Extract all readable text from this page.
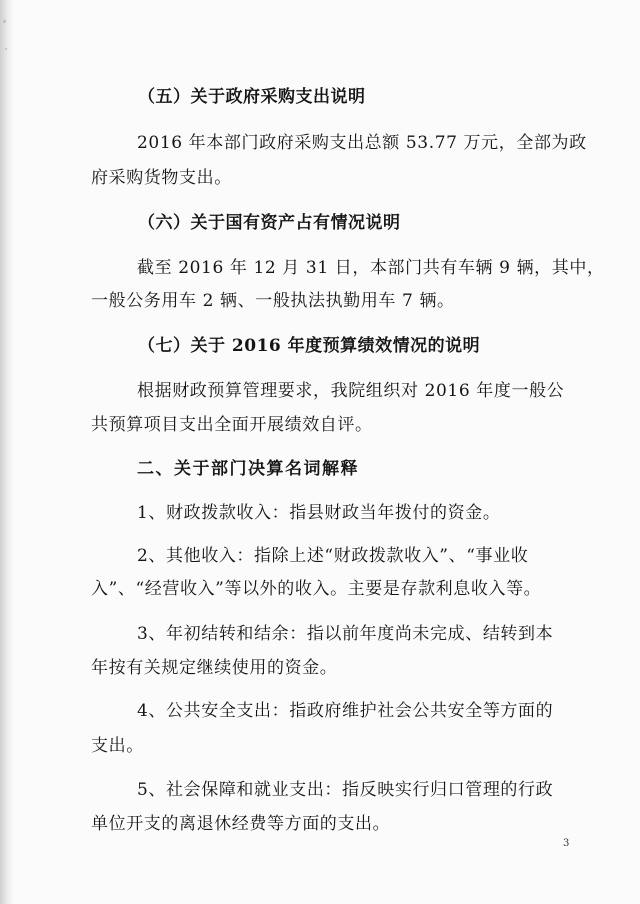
（五）关于政府采购支出说明
2016 年本部门政府采购支出总额 53.77 万元，全部为政
府采购货物支出。
（六）关于国有资产占有情况说明
截至 2016 年 12 月 31 日，本部门共有车辆 9 辆，其中，
一般公务用车 2 辆、一般执法执勤用车 7 辆。
（七）关于 2016 年度预算绩效情况的说明
根据财政预算管理要求，我院组织对 2016 年度一般公
共预算项目支出全面开展绩效自评。
二、关于部门决算名词解释
1、财政拨款收入：指县财政当年拨付的资金。
2、其他收入：指除上述“财政拨款收入”、“事业收
入”、“经营收入”等以外的收入。主要是存款利息收入等。
3、年初结转和结余：指以前年度尚未完成、结转到本
年按有关规定继续使用的资金。
4、公共安全支出：指政府维护社会公共安全等方面的
支出。
5、社会保障和就业支出：指反映实行归口管理的行政
单位开支的离退休经费等方面的支出。
3
